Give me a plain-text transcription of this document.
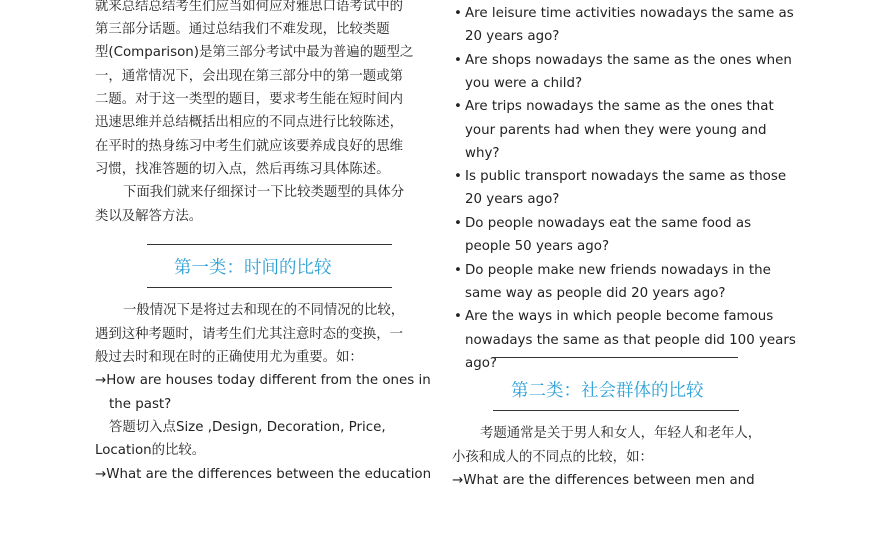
就来总结总结考生们应当如何应对雅思口语考试中的
第三部分话题。通过总结我们不难发现，比较类题
型(Comparison)是第三部分考试中最为普遍的题型之
一，通常情况下，会出现在第三部分中的第一题或第
二题。对于这一类型的题目，要求考生能在短时间内
迅速思维并总结概括出相应的不同点进行比较陈述，
在平时的热身练习中考生们就应该要养成良好的思维
习惯，找准答题的切入点，然后再练习具体陈述。
下面我们就来仔细探讨一下比较类题型的具体分
类以及解答方法。
第一类：时间的比较
一般情况下是将过去和现在的不同情况的比较，
遇到这种考题时，请考生们尤其注意时态的变换，一
般过去时和现在时的正确使用尤为重要。如：
→How are houses today different from the ones in
the past?
答题切入点Size ,Design, Decoration, Price,
Location的比较。
→What are the differences between the education
• Are leisure time activities nowadays the same as
20 years ago?
• Are shops nowadays the same as the ones when
you were a child?
• Are trips nowadays the same as the ones that
your parents had when they were young and
why?
• Is public transport nowadays the same as those
20 years ago?
• Do people nowadays eat the same food as
people 50 years ago?
• Do people make new friends nowadays in the
same way as people did 20 years ago?
• Are the ways in which people become famous
nowadays the same as that people did 100 years
ago?
第二类：社会群体的比较
考题通常是关于男人和女人，年轻人和老年人，
小孩和成人的不同点的比较，如：
→What are the differences between men and
